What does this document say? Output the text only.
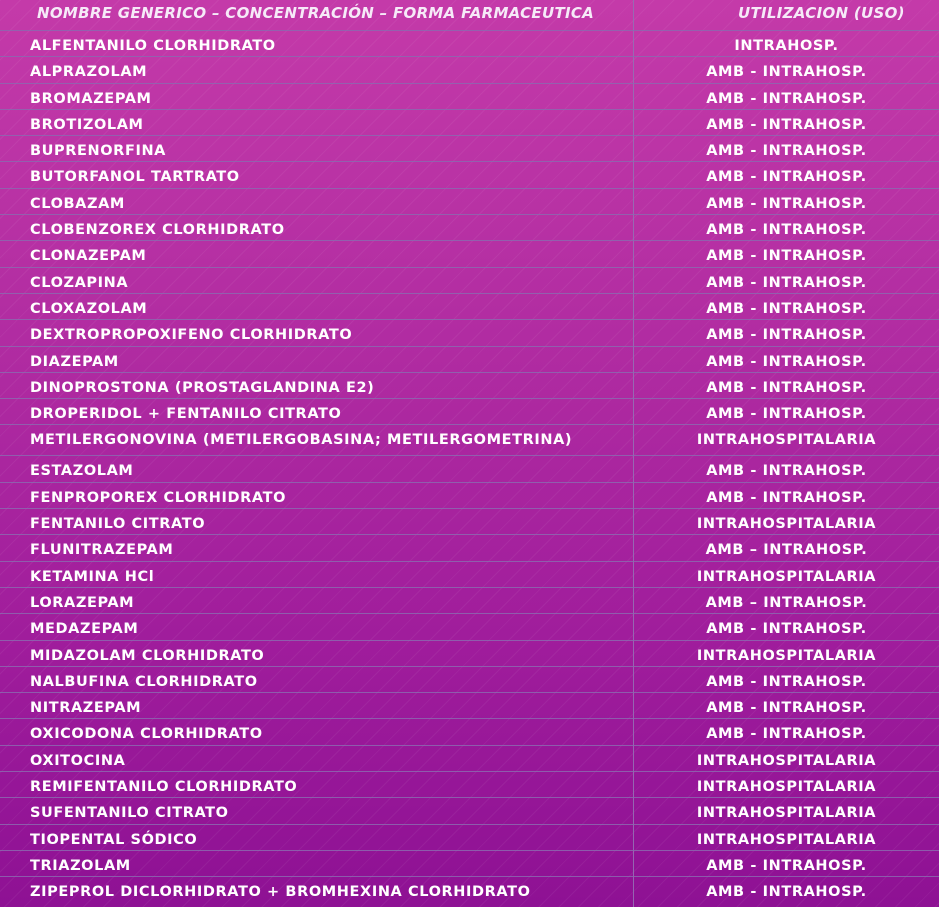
NOMBRE GENERICO – CONCENTRACIÓN – FORMA FARMACEUTICA	UTILIZACION (USO)
ALFENTANILO CLORHIDRATO	INTRAHOSP.
ALPRAZOLAM	AMB - INTRAHOSP.
BROMAZEPAM	AMB - INTRAHOSP.
BROTIZOLAM	AMB - INTRAHOSP.
BUPRENORFINA	AMB - INTRAHOSP.
BUTORFANOL TARTRATO	AMB - INTRAHOSP.
CLOBAZAM	AMB - INTRAHOSP.
CLOBENZOREX CLORHIDRATO	AMB - INTRAHOSP.
CLONAZEPAM	AMB - INTRAHOSP.
CLOZAPINA	AMB - INTRAHOSP.
CLOXAZOLAM	AMB - INTRAHOSP.
DEXTROPROPOXIFENO CLORHIDRATO	AMB - INTRAHOSP.
DIAZEPAM	AMB - INTRAHOSP.
DINOPROSTONA (PROSTAGLANDINA E2)	AMB - INTRAHOSP.
DROPERIDOL + FENTANILO CITRATO	AMB - INTRAHOSP.
METILERGONOVINA (METILERGOBASINA; METILERGOMETRINA)	INTRAHOSPITALARIA
ESTAZOLAM	AMB - INTRAHOSP.
FENPROPOREX CLORHIDRATO	AMB - INTRAHOSP.
FENTANILO CITRATO	INTRAHOSPITALARIA
FLUNITRAZEPAM	AMB – INTRAHOSP.
KETAMINA HCl	INTRAHOSPITALARIA
LORAZEPAM	AMB – INTRAHOSP.
MEDAZEPAM	AMB - INTRAHOSP.
MIDAZOLAM CLORHIDRATO	INTRAHOSPITALARIA
NALBUFINA CLORHIDRATO	AMB - INTRAHOSP.
NITRAZEPAM	AMB - INTRAHOSP.
OXICODONA CLORHIDRATO	AMB - INTRAHOSP.
OXITOCINA	INTRAHOSPITALARIA
REMIFENTANILO CLORHIDRATO	INTRAHOSPITALARIA
SUFENTANILO CITRATO	INTRAHOSPITALARIA
TIOPENTAL SÓDICO	INTRAHOSPITALARIA
TRIAZOLAM	AMB - INTRAHOSP.
ZIPEPROL DICLORHIDRATO + BROMHEXINA CLORHIDRATO	AMB - INTRAHOSP.
